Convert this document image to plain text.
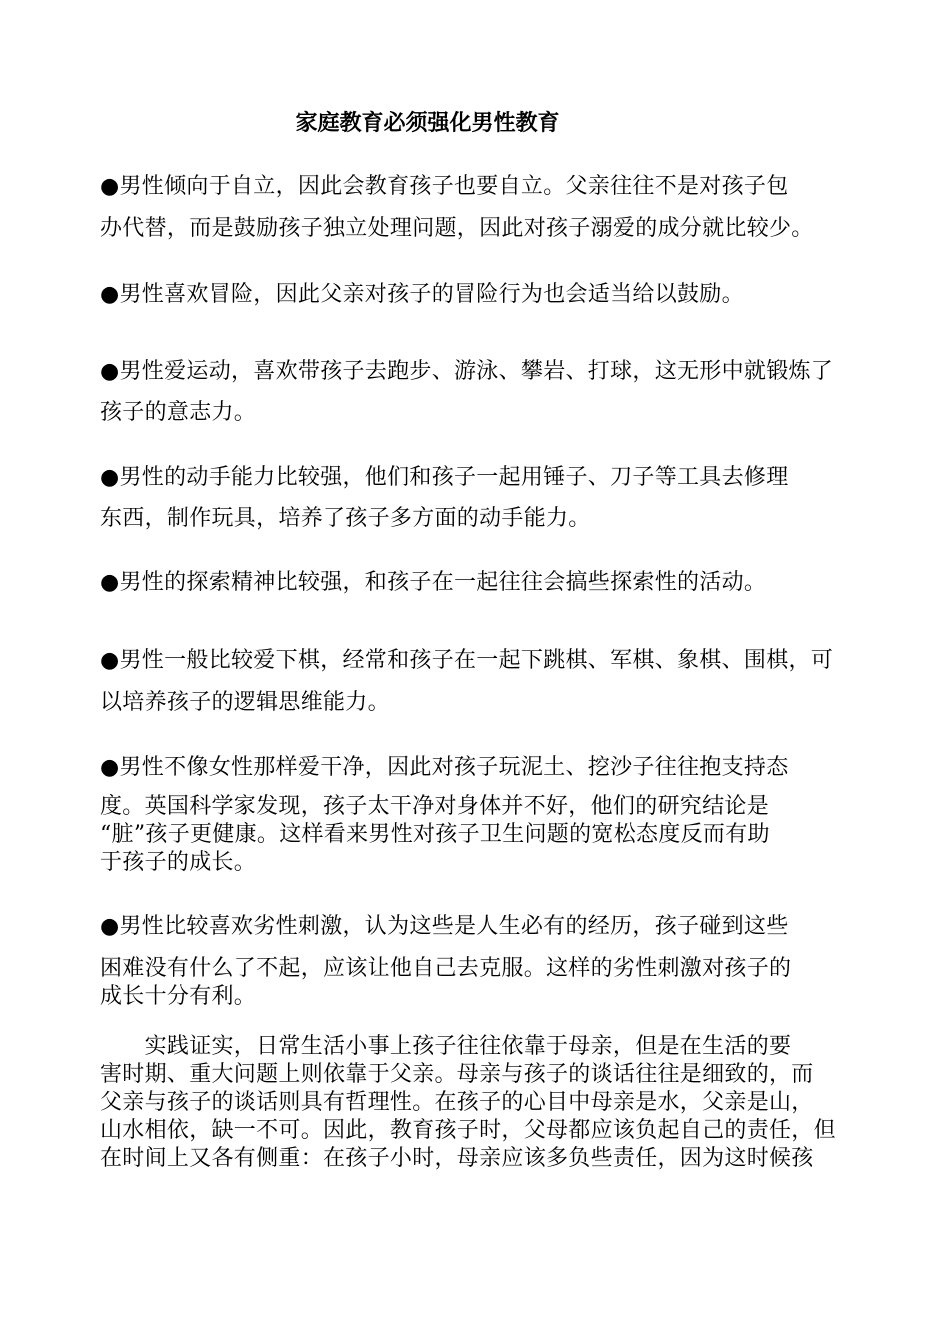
家庭教育必须强化男性教育
●男性倾向于自立，因此会教育孩子也要自立。父亲往往不是对孩子包
办代替，而是鼓励孩子独立处理问题，因此对孩子溺爱的成分就比较少。
●男性喜欢冒险，因此父亲对孩子的冒险行为也会适当给以鼓励。
●男性爱运动，喜欢带孩子去跑步、游泳、攀岩、打球，这无形中就锻炼了
孩子的意志力。
●男性的动手能力比较强，他们和孩子一起用锤子、刀子等工具去修理
东西，制作玩具，培养了孩子多方面的动手能力。
●男性的探索精神比较强，和孩子在一起往往会搞些探索性的活动。
●男性一般比较爱下棋，经常和孩子在一起下跳棋、军棋、象棋、围棋，可
以培养孩子的逻辑思维能力。
●男性不像女性那样爱干净，因此对孩子玩泥土、挖沙子往往抱支持态
度。英国科学家发现，孩子太干净对身体并不好，他们的研究结论是
“脏”孩子更健康。这样看来男性对孩子卫生问题的宽松态度反而有助
于孩子的成长。
●男性比较喜欢劣性刺激，认为这些是人生必有的经历，孩子碰到这些
困难没有什么了不起，应该让他自己去克服。这样的劣性刺激对孩子的
成长十分有利。
　　实践证实，日常生活小事上孩子往往依靠于母亲，但是在生活的要
害时期、重大问题上则依靠于父亲。母亲与孩子的谈话往往是细致的，而
父亲与孩子的谈话则具有哲理性。在孩子的心目中母亲是水，父亲是山，
山水相依，缺一不可。因此，教育孩子时，父母都应该负起自己的责任，但
在时间上又各有侧重：在孩子小时，母亲应该多负些责任，因为这时候孩
